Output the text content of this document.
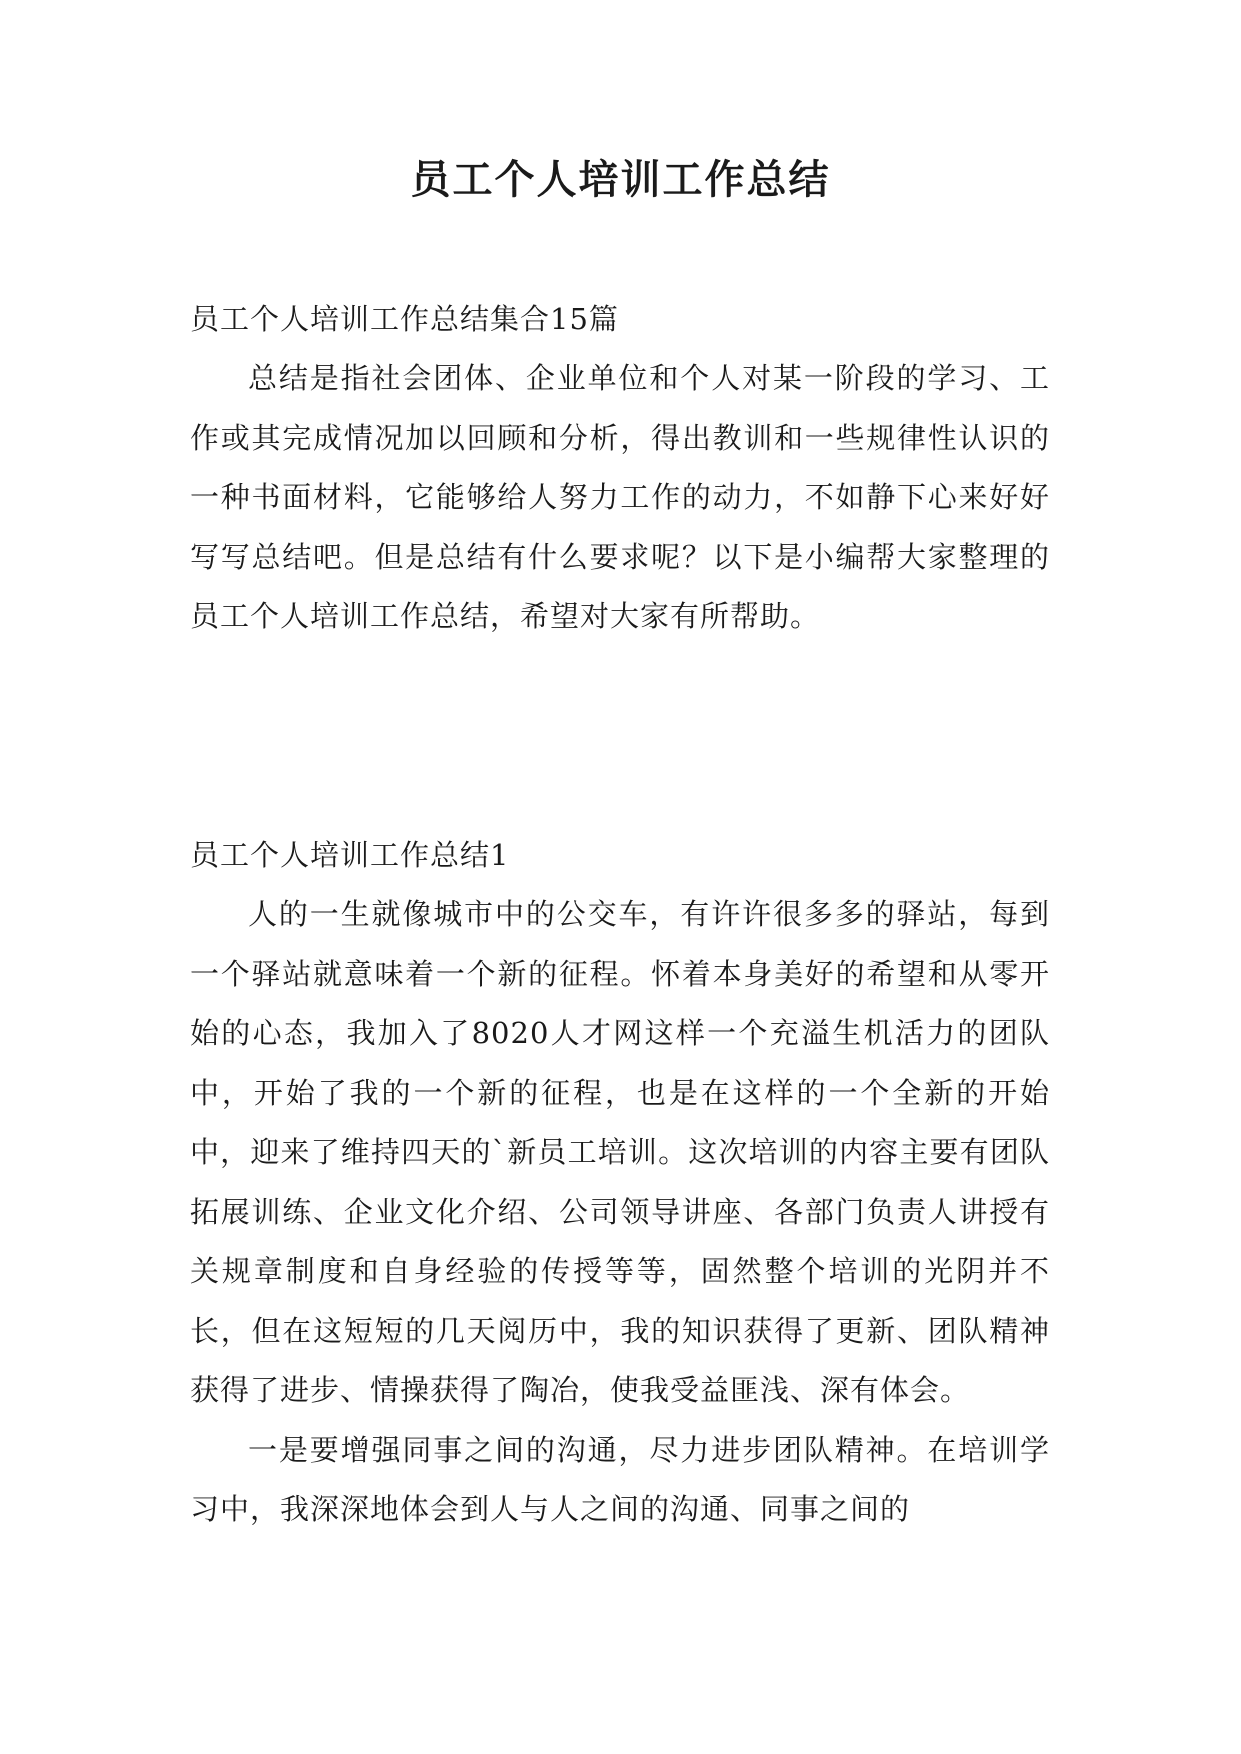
员工个人培训工作总结

员工个人培训工作总结集合15篇

总结是指社会团体、企业单位和个人对某一阶段的学习、工作或其完成情况加以回顾和分析，得出教训和一些规律性认识的一种书面材料，它能够给人努力工作的动力，不如静下心来好好写写总结吧。但是总结有什么要求呢？以下是小编帮大家整理的员工个人培训工作总结，希望对大家有所帮助。

员工个人培训工作总结1

人的一生就像城市中的公交车，有许许很多多的驿站，每到一个驿站就意味着一个新的征程。怀着本身美好的希望和从零开始的心态，我加入了8020人才网这样一个充溢生机活力的团队中，开始了我的一个新的征程，也是在这样的一个全新的开始中，迎来了维持四天的`新员工培训。这次培训的内容主要有团队拓展训练、企业文化介绍、公司领导讲座、各部门负责人讲授有关规章制度和自身经验的传授等等，固然整个培训的光阴并不长，但在这短短的几天阅历中，我的知识获得了更新、团队精神获得了进步、情操获得了陶冶，使我受益匪浅、深有体会。

一是要增强同事之间的沟通，尽力进步团队精神。在培训学习中，我深深地体会到人与人之间的沟通、同事之间的
